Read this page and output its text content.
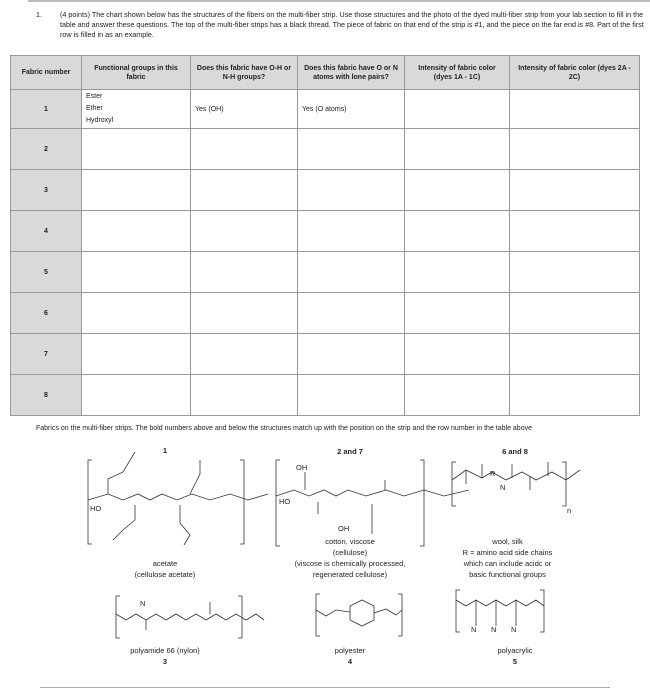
1.	(4 points) The chart shown below has the structures of the fibers on the multi-fiber strip. Use those structures and the photo of the dyed multi-fiber strip from your lab section to fill in the table and answer these questions. The top of the multi-fiber strips has a black thread. The piece of fabric on that end of the strip is #1, and the piece on the far end is #8. Part of the first row is filled in as an example.
Fabric number	Functional groups in this fabric	Does this fabric have O-H or N-H groups?	Does this fabric have O or N atoms with lone pairs?	Intensity of fabric color (dyes 1A - 1C)	Intensity of fabric color (dyes 2A - 2C)
1	Ester
Ether
Hydroxyl	Yes (OH)	Yes (O atoms)		
2					
3					
4					
5					
6					
7					
8					
Fabrics on the multi-fiber strips. The bold numbers above and below the structures match up with the position on the strip and the row number in the table above
HO
OH
HO
OH
R
N
n
N
N N N
1
acetate
(cellulose acetate)
2 and 7
cotton, viscose
(cellulose)
(viscose is chemically processed,
regenerated cellulose)
6 and 8
wool, silk
R = amino acid side chains
which can include acidc or
basic functional groups
polyamide 66 (nylon)
3
polyester
4
polyacrylic
5
